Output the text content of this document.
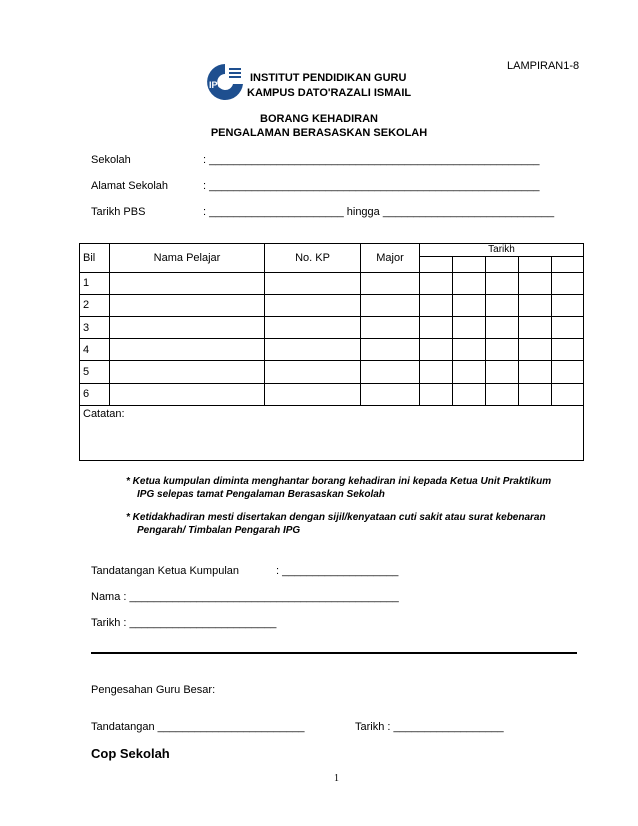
LAMPIRAN1-8
IPG
INSTITUT PENDIDIKAN GURU
KAMPUS DATO'RAZALI ISMAIL
BORANG KEHADIRAN
PENGALAMAN BERASASKAN SEKOLAH
Sekolah	: ______________________________________________________
Alamat Sekolah	: ______________________________________________________
Tarikh PBS	: ______________________ hingga ____________________________
Bil	Nama Pelajar	No. KP	Major	Tarikh				

1								
2								
3								
4								
5								
6								
Catatan:								
* Ketua kumpulan diminta menghantar borang kehadiran ini kepada Ketua Unit Praktikum
IPG selepas tamat Pengalaman Berasaskan Sekolah
* Ketidakhadiran mesti disertakan dengan sijil/kenyataan cuti sakit atau surat kebenaran
Pengarah/ Timbalan Pengarah IPG
Tandatangan Ketua Kumpulan	: ___________________
Nama : ____________________________________________
Tarikh : ________________________
Pengesahan Guru Besar:
Tandatangan ________________________	Tarikh : __________________
Cop Sekolah
1
